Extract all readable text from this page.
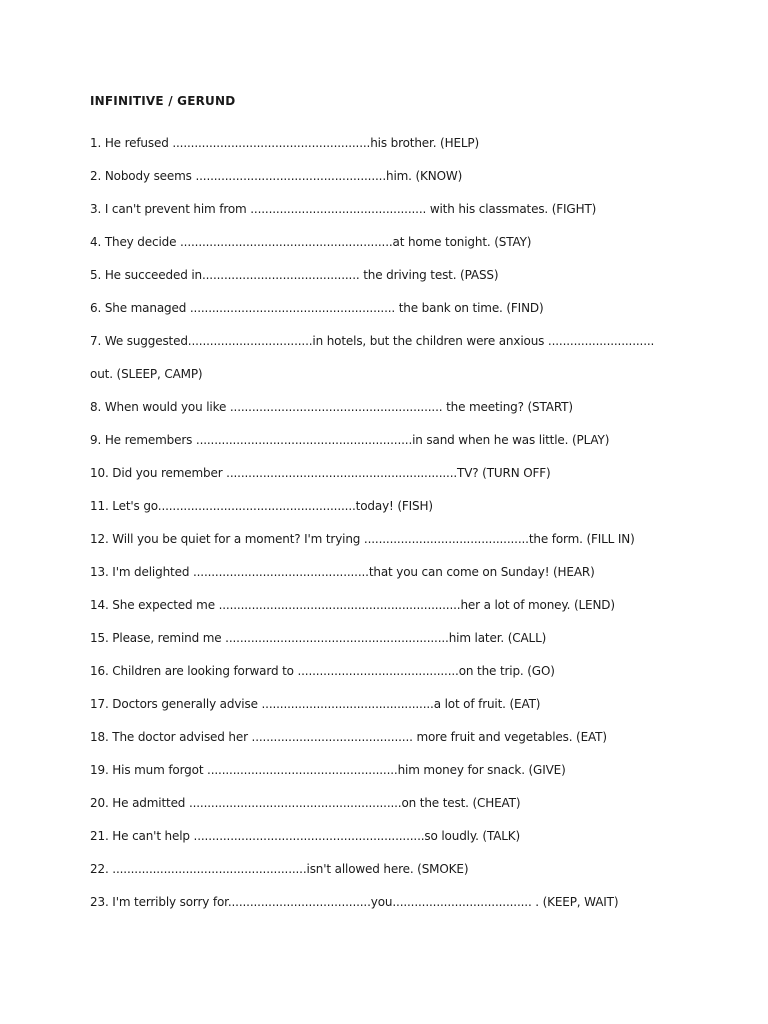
INFINITIVE / GERUND
1. He refused ......................................................his brother. (HELP)
2. Nobody seems ....................................................him. (KNOW)
3. I can't prevent him from ................................................ with his classmates. (FIGHT)
4. They decide ..........................................................at home tonight. (STAY)
5. He succeeded in........................................... the driving test. (PASS)
6. She managed ........................................................ the bank on time. (FIND)
7. We suggested..................................in hotels, but the children were anxious .............................
out. (SLEEP, CAMP)
8. When would you like .......................................................... the meeting? (START)
9. He remembers ...........................................................in sand when he was little. (PLAY)
10. Did you remember ...............................................................TV? (TURN OFF)
11. Let's go......................................................today! (FISH)
12. Will you be quiet for a moment? I'm trying .............................................the form. (FILL IN)
13. I'm delighted ................................................that you can come on Sunday! (HEAR)
14. She expected me ..................................................................her a lot of money. (LEND)
15. Please, remind me .............................................................him later. (CALL)
16. Children are looking forward to ............................................on the trip. (GO)
17. Doctors generally advise ...............................................a lot of fruit. (EAT)
18. The doctor advised her ............................................ more fruit and vegetables. (EAT)
19. His mum forgot ....................................................him money for snack. (GIVE)
20. He admitted ..........................................................on the test. (CHEAT)
21. He can't help ...............................................................so loudly. (TALK)
22. .....................................................isn't allowed here. (SMOKE)
23. I'm terribly sorry for.......................................you...................................... . (KEEP, WAIT)
